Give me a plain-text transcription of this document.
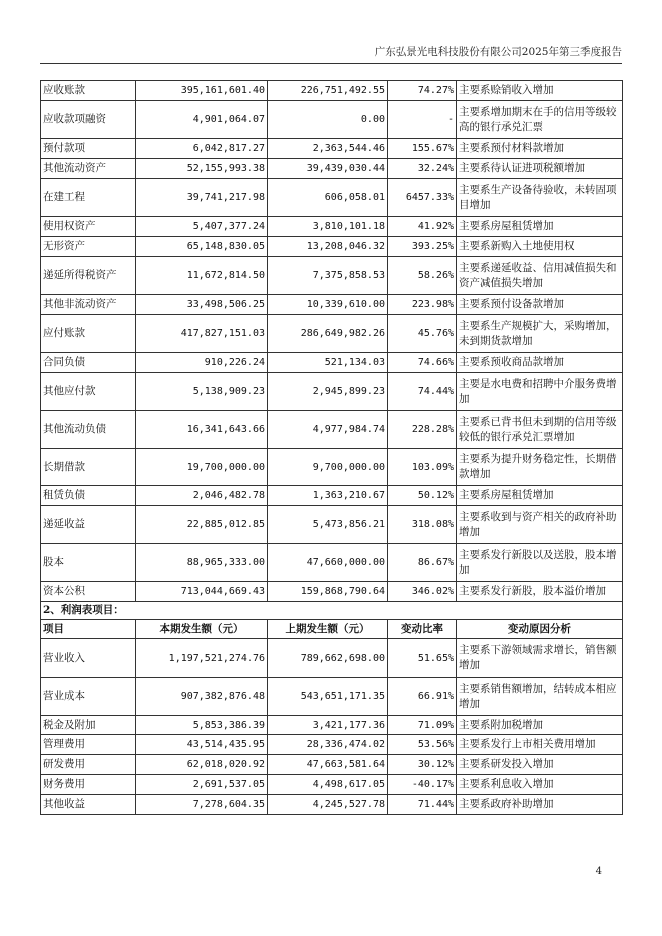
广东弘景光电科技股份有限公司2025年第三季度报告
应收账款	395,161,601.40	226,751,492.55	74.27%	主要系赊销收入增加
应收款项融资	4,901,064.07	0.00	-	主要系增加期末在手的信用等级较高的银行承兑汇票
预付款项	6,042,817.27	2,363,544.46	155.67%	主要系预付材料款增加
其他流动资产	52,155,993.38	39,439,030.44	32.24%	主要系待认证进项税额增加
在建工程	39,741,217.98	606,058.01	6457.33%	主要系生产设备待验收，未转固项目增加
使用权资产	5,407,377.24	3,810,101.18	41.92%	主要系房屋租赁增加
无形资产	65,148,830.05	13,208,046.32	393.25%	主要系新购入土地使用权
递延所得税资产	11,672,814.50	7,375,858.53	58.26%	主要系递延收益、信用减值损失和资产减值损失增加
其他非流动资产	33,498,506.25	10,339,610.00	223.98%	主要系预付设备款增加
应付账款	417,827,151.03	286,649,982.26	45.76%	主要系生产规模扩大，采购增加，未到期货款增加
合同负债	910,226.24	521,134.03	74.66%	主要系预收商品款增加
其他应付款	5,138,909.23	2,945,899.23	74.44%	主要是水电费和招聘中介服务费增加
其他流动负债	16,341,643.66	4,977,984.74	228.28%	主要系已背书但未到期的信用等级较低的银行承兑汇票增加
长期借款	19,700,000.00	9,700,000.00	103.09%	主要系为提升财务稳定性，长期借款增加
租赁负债	2,046,482.78	1,363,210.67	50.12%	主要系房屋租赁增加
递延收益	22,885,012.85	5,473,856.21	318.08%	主要系收到与资产相关的政府补助增加
股本	88,965,333.00	47,660,000.00	86.67%	主要系发行新股以及送股，股本增加
资本公积	713,044,669.43	159,868,790.64	346.02%	主要系发行新股，股本溢价增加
2、利润表项目：				
项目	本期发生额（元）	上期发生额（元）	变动比率	变动原因分析
营业收入	1,197,521,274.76	789,662,698.00	51.65%	主要系下游领域需求增长，销售额增加
营业成本	907,382,876.48	543,651,171.35	66.91%	主要系销售额增加，结转成本相应增加
税金及附加	5,853,386.39	3,421,177.36	71.09%	主要系附加税增加
管理费用	43,514,435.95	28,336,474.02	53.56%	主要系发行上市相关费用增加
研发费用	62,018,020.92	47,663,581.64	30.12%	主要系研发投入增加
财务费用	2,691,537.05	4,498,617.05	-40.17%	主要系利息收入增加
其他收益	7,278,604.35	4,245,527.78	71.44%	主要系政府补助增加
4
